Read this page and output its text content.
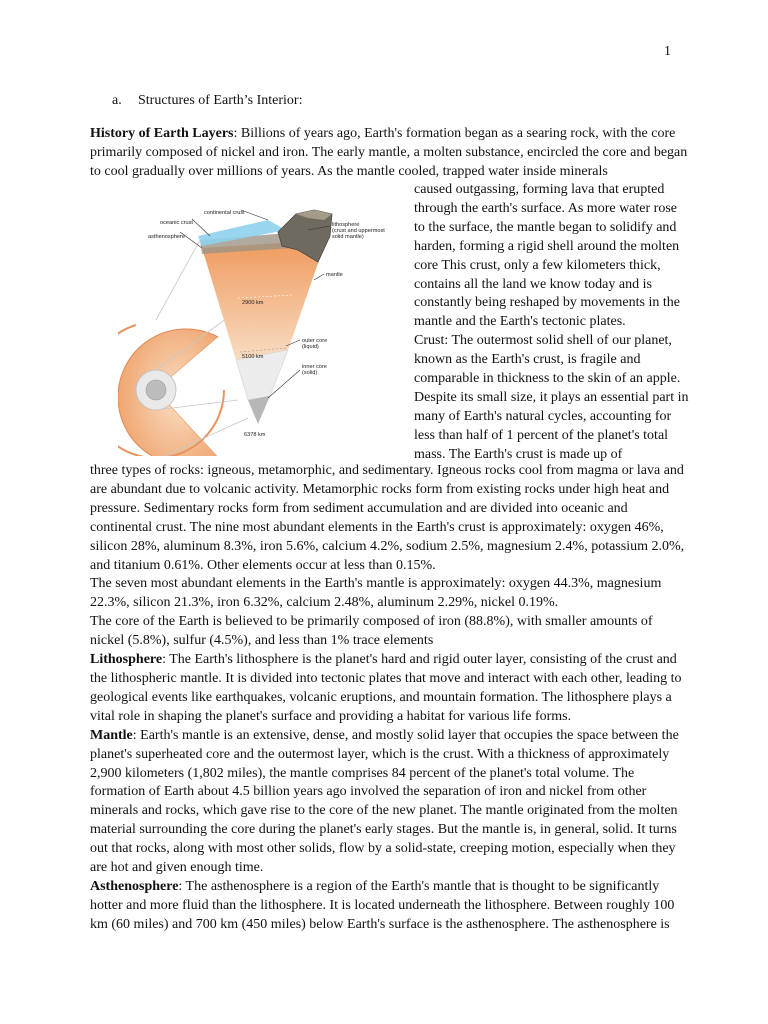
1
a. Structures of Earth’s Interior:

History of Earth Layers: Billions of years ago, Earth's formation began as a searing rock, with the core primarily composed of nickel and iron. The early mantle, a molten substance, encircled the core and began to cool gradually over millions of years. As the mantle cooled, trapped water inside minerals

caused outgassing, forming lava that erupted through the earth's surface. As more water rose to the surface, the mantle began to solidify and harden, forming a rigid shell around the molten core This crust, only a few kilometers thick, contains all the land we know today and is constantly being reshaped by movements in the mantle and the Earth's tectonic plates.

Crust: The outermost solid shell of our planet, known as the Earth's crust, is fragile and comparable in thickness to the skin of an apple. Despite its small size, it plays an essential part in many of Earth's natural cycles, accounting for less than half of 1 percent of the planet's total mass. The Earth's crust is made up of

continental crust
oceanic crust
asthenosphere
lithosphere
(crust and uppermost
solid mantle)
mantle
2900 km
5100 km
6378 km
outer core
(liquid)
inner core
(solid)

three types of rocks: igneous, metamorphic, and sedimentary. Igneous rocks cool from magma or lava and are abundant due to volcanic activity. Metamorphic rocks form from existing rocks under high heat and pressure. Sedimentary rocks form from sediment accumulation and are divided into oceanic and continental crust. The nine most abundant elements in the Earth's crust is approximately: oxygen 46%, silicon 28%, aluminum 8.3%, iron 5.6%, calcium 4.2%, sodium 2.5%, magnesium 2.4%, potassium 2.0%, and titanium 0.61%. Other elements occur at less than 0.15%.

The seven most abundant elements in the Earth's mantle is approximately: oxygen 44.3%, magnesium 22.3%, silicon 21.3%, iron 6.32%, calcium 2.48%, aluminum 2.29%, nickel 0.19%.

The core of the Earth is believed to be primarily composed of iron (88.8%), with smaller amounts of nickel (5.8%), sulfur (4.5%), and less than 1% trace elements

Lithosphere: The Earth's lithosphere is the planet's hard and rigid outer layer, consisting of the crust and the lithospheric mantle. It is divided into tectonic plates that move and interact with each other, leading to geological events like earthquakes, volcanic eruptions, and mountain formation. The lithosphere plays a vital role in shaping the planet's surface and providing a habitat for various life forms.

Mantle: Earth's mantle is an extensive, dense, and mostly solid layer that occupies the space between the planet's superheated core and the outermost layer, which is the crust. With a thickness of approximately 2,900 kilometers (1,802 miles), the mantle comprises 84 percent of the planet's total volume. The formation of Earth about 4.5 billion years ago involved the separation of iron and nickel from other minerals and rocks, which gave rise to the core of the new planet. The mantle originated from the molten material surrounding the core during the planet's early stages. But the mantle is, in general, solid. It turns out that rocks, along with most other solids, flow by a solid-state, creeping motion, especially when they are hot and given enough time.

Asthenosphere: The asthenosphere is a region of the Earth's mantle that is thought to be significantly hotter and more fluid than the lithosphere. It is located underneath the lithosphere. Between roughly 100 km (60 miles) and 700 km (450 miles) below Earth's surface is the asthenosphere. The asthenosphere is
